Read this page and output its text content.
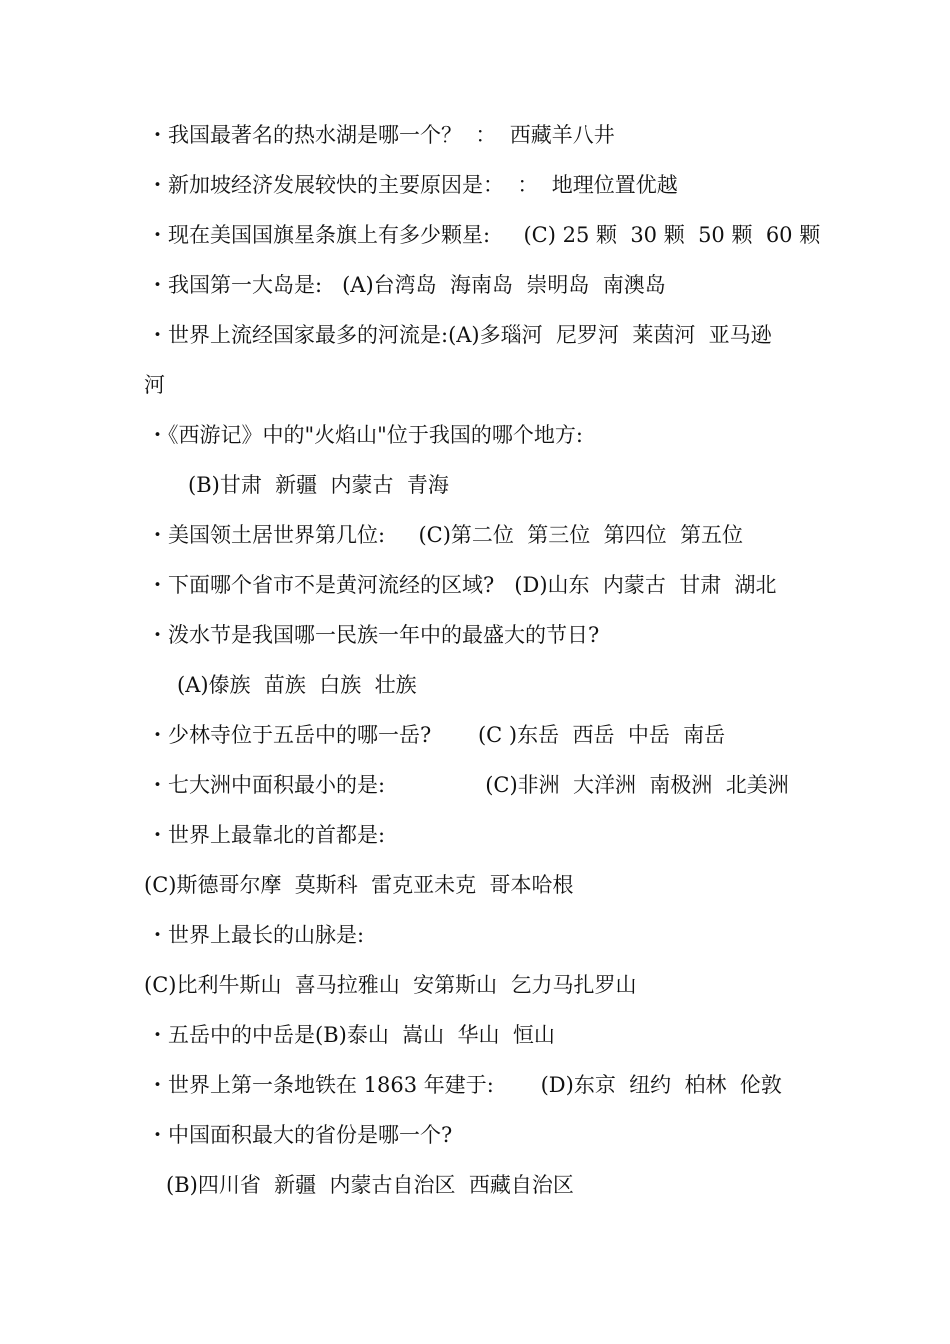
・我国最著名的热水湖是哪一个？  ：  西藏羊八井
・新加坡经济发展较快的主要原因是：  ：  地理位置优越
・现在美国国旗星条旗上有多少颗星:     (C) 25 颗  30 颗  50 颗  60 颗
・我国第一大岛是:   (A)台湾岛  海南岛  崇明岛  南澳岛
・世界上流经国家最多的河流是:(A)多瑙河  尼罗河  莱茵河  亚马逊
河
・《西游记》中的"火焰山"位于我国的哪个地方:
(B)甘肃  新疆  内蒙古  青海
・美国领土居世界第几位:     (C)第二位  第三位  第四位  第五位
・下面哪个省市不是黄河流经的区域?   (D)山东  内蒙古  甘肃  湖北
・泼水节是我国哪一民族一年中的最盛大的节日?
(A)傣族  苗族  白族  壮族
・少林寺位于五岳中的哪一岳?       (C )东岳  西岳  中岳  南岳
・七大洲中面积最小的是:               (C)非洲  大洋洲  南极洲  北美洲
・世界上最靠北的首都是:
(C)斯德哥尔摩  莫斯科  雷克亚未克  哥本哈根
・世界上最长的山脉是:
(C)比利牛斯山  喜马拉雅山  安第斯山  乞力马扎罗山
・五岳中的中岳是(B)泰山  嵩山  华山  恒山
・世界上第一条地铁在 1863 年建于:       (D)东京  纽约  柏林  伦敦
・中国面积最大的省份是哪一个?
(B)四川省  新疆  内蒙古自治区  西藏自治区
